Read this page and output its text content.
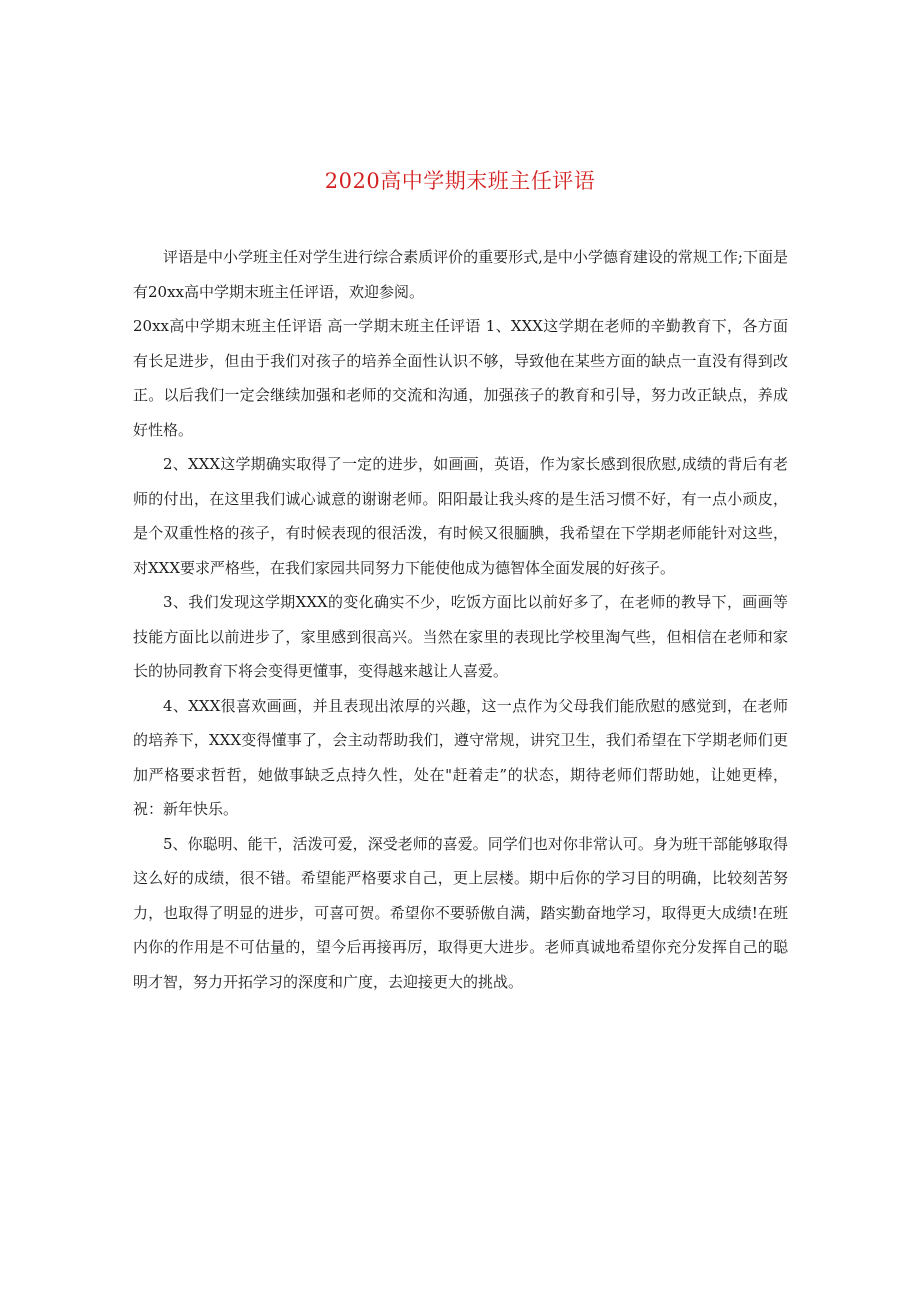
2020高中学期末班主任评语

评语是中小学班主任对学生进行综合素质评价的重要形式,是中小学德育建设的常规工作;下面是有20xx高中学期末班主任评语，欢迎参阅。

20xx高中学期末班主任评语 高一学期末班主任评语 1、XXX这学期在老师的辛勤教育下，各方面有长足进步，但由于我们对孩子的培养全面性认识不够，导致他在某些方面的缺点一直没有得到改正。以后我们一定会继续加强和老师的交流和沟通，加强孩子的教育和引导，努力改正缺点，养成好性格。

2、XXX这学期确实取得了一定的进步，如画画，英语，作为家长感到很欣慰,成绩的背后有老师的付出，在这里我们诚心诚意的谢谢老师。阳阳最让我头疼的是生活习惯不好，有一点小顽皮，是个双重性格的孩子，有时候表现的很活泼，有时候又很腼腆，我希望在下学期老师能针对这些，对XXX要求严格些，在我们家园共同努力下能使他成为德智体全面发展的好孩子。

3、我们发现这学期XXX的变化确实不少，吃饭方面比以前好多了，在老师的教导下，画画等技能方面比以前进步了，家里感到很高兴。当然在家里的表现比学校里淘气些，但相信在老师和家长的协同教育下将会变得更懂事，变得越来越让人喜爱。

4、XXX很喜欢画画，并且表现出浓厚的兴趣，这一点作为父母我们能欣慰的感觉到，在老师的培养下，XXX变得懂事了，会主动帮助我们，遵守常规，讲究卫生，我们希望在下学期老师们更加严格要求哲哲，她做事缺乏点持久性，处在"赶着走”的状态，期待老师们帮助她，让她更棒，祝：新年快乐。

5、你聪明、能干，活泼可爱，深受老师的喜爱。同学们也对你非常认可。身为班干部能够取得这么好的成绩，很不错。希望能严格要求自己，更上层楼。期中后你的学习目的明确，比较刻苦努力，也取得了明显的进步，可喜可贺。希望你不要骄傲自满，踏实勤奋地学习，取得更大成绩!在班内你的作用是不可估量的，望今后再接再厉，取得更大进步。老师真诚地希望你充分发挥自己的聪明才智，努力开拓学习的深度和广度，去迎接更大的挑战。
